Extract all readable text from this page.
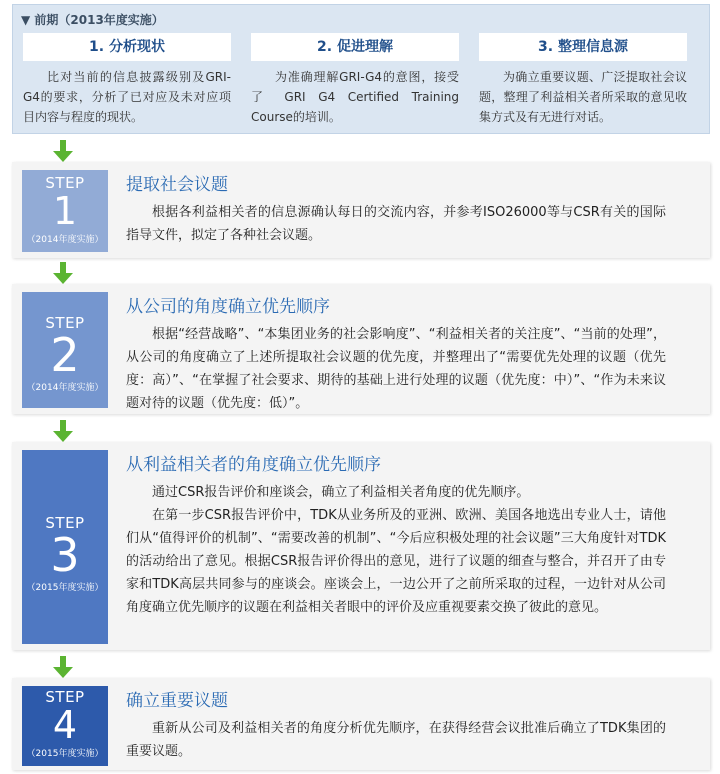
▼ 前期（2013年度实施）
1. 分析现状
比对当前的信息披露级别及GRI-G4的要求，分析了已对应及未对应项目内容与程度的现状。
2. 促进理解
为准确理解GRI-G4的意图，接受了 GRI G4 Certified Training Course的培训。
3. 整理信息源
为确立重要议题、广泛提取社会议题，整理了利益相关者所采取的意见收集方式及有无进行对话。
STEP
1
（2014年度实施）
提取社会议题

根据各利益相关者的信息源确认每日的交流内容，并参考ISO26000等与CSR有关的国际指导文件，拟定了各种社会议题。

STEP
2
（2014年度实施）
从公司的角度确立优先顺序

根据“经营战略”、“本集团业务的社会影响度”、“利益相关者的关注度”、“当前的处理”，从公司的角度确立了上述所提取社会议题的优先度，并整理出了“需要优先处理的议题（优先度：高）”、“在掌握了社会要求、期待的基础上进行处理的议题（优先度：中）”、“作为未来议题对待的议题（优先度：低）”。

STEP
3
（2015年度实施）
从利益相关者的角度确立优先顺序

通过CSR报告评价和座谈会，确立了利益相关者角度的优先顺序。

在第一步CSR报告评价中，TDK从业务所及的亚洲、欧洲、美国各地选出专业人士，请他们从“值得评价的机制”、“需要改善的机制”、“今后应积极处理的社会议题”三大角度针对TDK的活动给出了意见。根据CSR报告评价得出的意见，进行了议题的细查与整合，并召开了由专家和TDK高层共同参与的座谈会。座谈会上，一边公开了之前所采取的过程，一边针对从公司角度确立优先顺序的议题在利益相关者眼中的评价及应重视要素交换了彼此的意见。

STEP
4
（2015年度实施）
确立重要议题

重新从公司及利益相关者的角度分析优先顺序，在获得经营会议批准后确立了TDK集团的重要议题。
